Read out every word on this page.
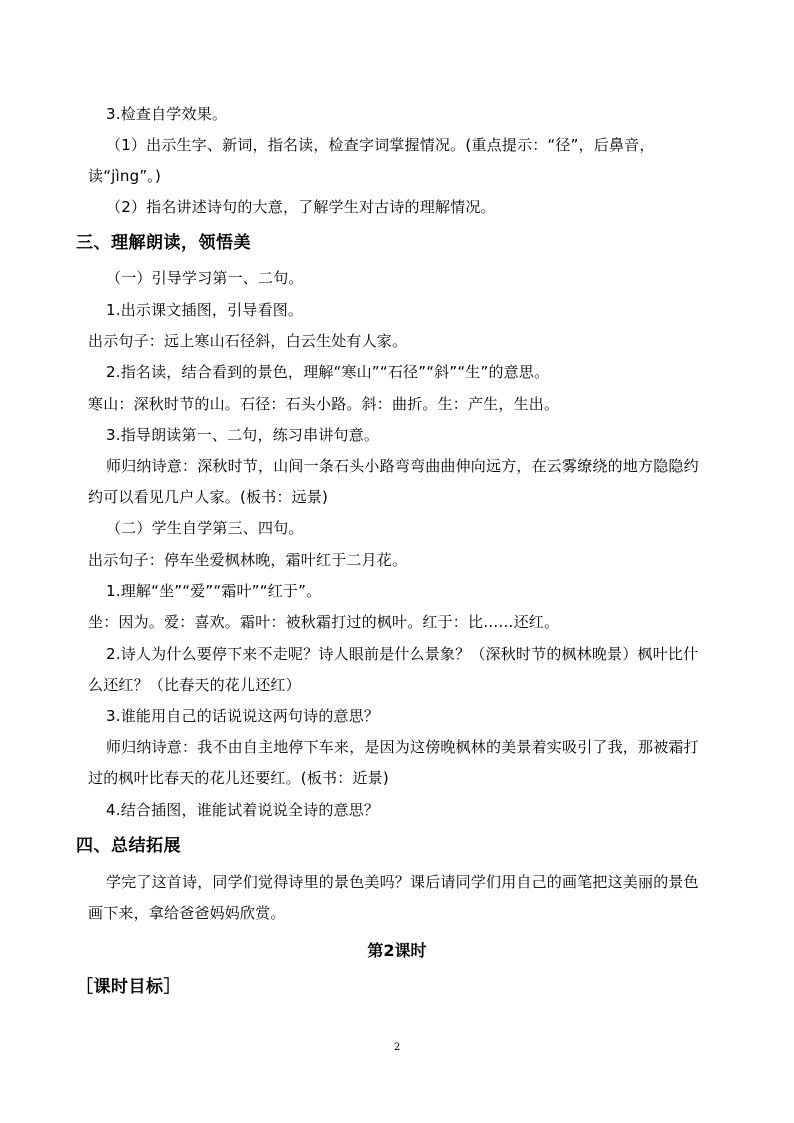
3.检查自学效果。
（1）出示生字、新词，指名读，检查字词掌握情况。(重点提示：“径”，后鼻音，
读“jìng”。)
（2）指名讲述诗句的大意，了解学生对古诗的理解情况。
三、理解朗读，领悟美
（一）引导学习第一、二句。
1.出示课文插图，引导看图。
出示句子：远上寒山石径斜，白云生处有人家。
2.指名读，结合看到的景色，理解“寒山”“石径”“斜”“生”的意思。
寒山：深秋时节的山。石径：石头小路。斜：曲折。生：产生，生出。
3.指导朗读第一、二句，练习串讲句意。
师归纳诗意：深秋时节，山间一条石头小路弯弯曲曲伸向远方，在云雾缭绕的地方隐隐约
约可以看见几户人家。(板书：远景)
（二）学生自学第三、四句。
出示句子：停车坐爱枫林晚，霜叶红于二月花。
1.理解“坐”“爱”“霜叶”“红于”。
坐：因为。爱：喜欢。霜叶：被秋霜打过的枫叶。红于：比……还红。
2.诗人为什么要停下来不走呢？诗人眼前是什么景象？（深秋时节的枫林晚景）枫叶比什
么还红？（比春天的花儿还红）
3.谁能用自己的话说说这两句诗的意思？
师归纳诗意：我不由自主地停下车来，是因为这傍晚枫林的美景着实吸引了我，那被霜打
过的枫叶比春天的花儿还要红。(板书：近景)
4.结合插图，谁能试着说说全诗的意思？
四、总结拓展
学完了这首诗，同学们觉得诗里的景色美吗？课后请同学们用自己的画笔把这美丽的景色
画下来，拿给爸爸妈妈欣赏。
第2课时
［课时目标］
2
